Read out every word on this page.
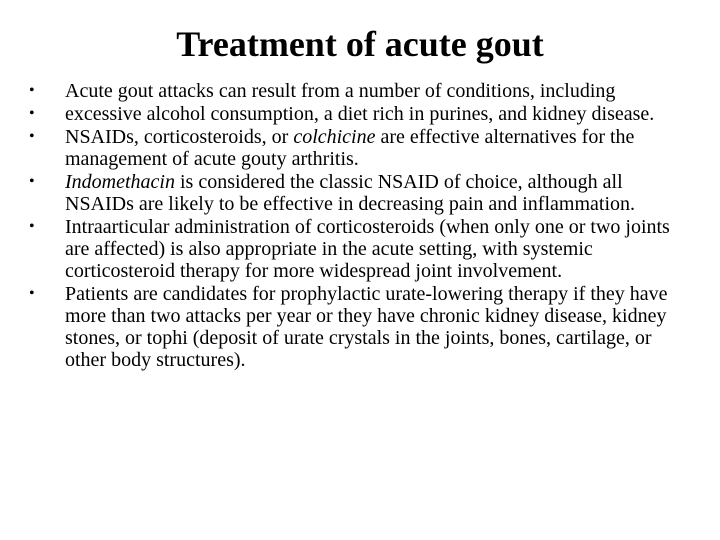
Treatment of acute gout
• Acute gout attacks can result from a number of conditions, including
• excessive alcohol consumption, a diet rich in purines, and kidney disease.
• NSAIDs, corticosteroids, or colchicine are effective alternatives for the management of acute gouty arthritis.
• Indomethacin is considered the classic NSAID of choice, although all NSAIDs are likely to be effective in decreasing pain and inflammation.
• Intraarticular administration of corticosteroids (when only one or two joints are affected) is also appropriate in the acute setting, with systemic corticosteroid therapy for more widespread joint involvement.
• Patients are candidates for prophylactic urate-lowering therapy if they have more than two attacks per year or they have chronic kidney disease, kidney stones, or tophi (deposit of urate crystals in the joints, bones, cartilage, or other body structures).
